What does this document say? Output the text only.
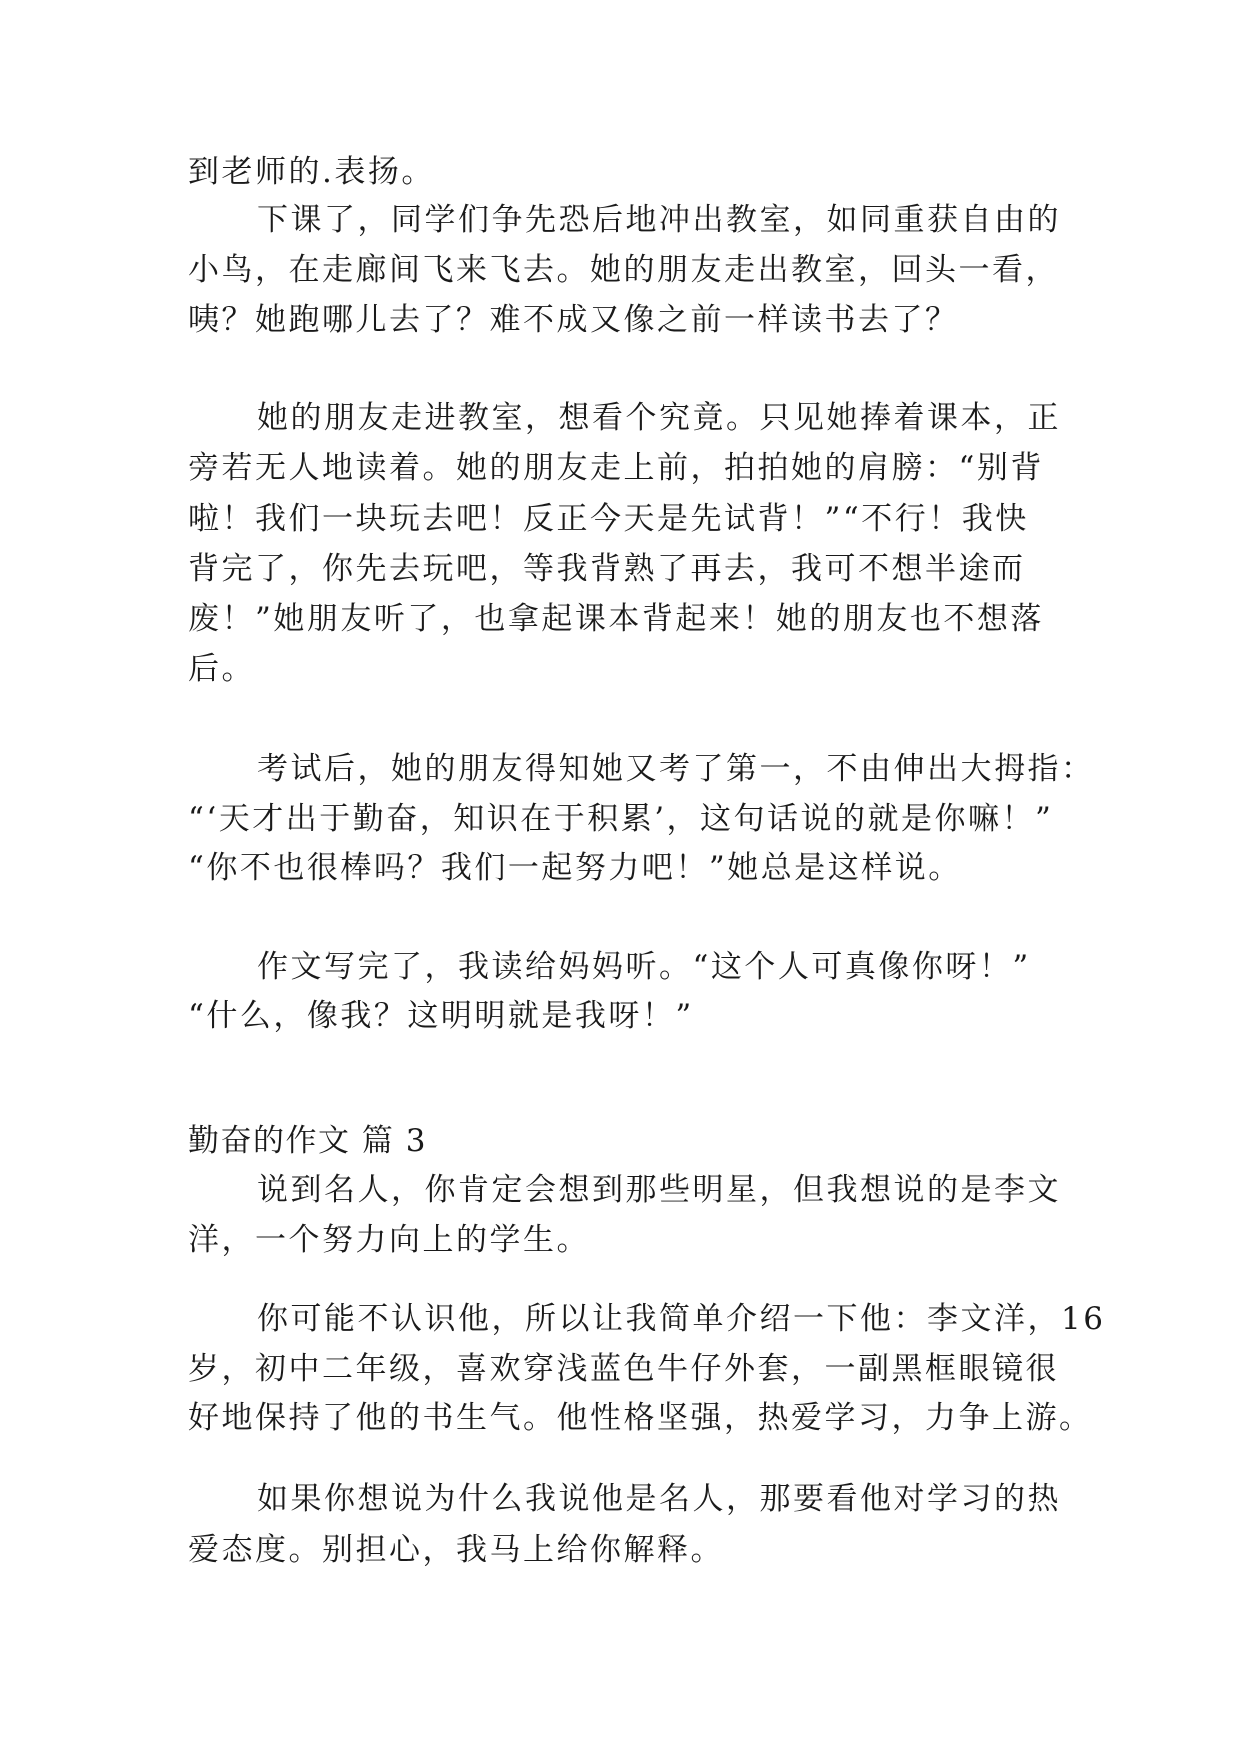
到老师的.表扬。
下课了，同学们争先恐后地冲出教室，如同重获自由的
小鸟，在走廊间飞来飞去。她的朋友走出教室，回头一看，
咦？她跑哪儿去了？难不成又像之前一样读书去了？
她的朋友走进教室，想看个究竟。只见她捧着课本，正
旁若无人地读着。她的朋友走上前，拍拍她的肩膀：“别背
啦！我们一块玩去吧！反正今天是先试背！”“不行！我快
背完了，你先去玩吧，等我背熟了再去，我可不想半途而
废！”她朋友听了，也拿起课本背起来！她的朋友也不想落
后。
考试后，她的朋友得知她又考了第一，不由伸出大拇指：
“‘天才出于勤奋，知识在于积累’，这句话说的就是你嘛！”
“你不也很棒吗？我们一起努力吧！”她总是这样说。
作文写完了，我读给妈妈听。“这个人可真像你呀！”
“什么，像我？这明明就是我呀！”
勤奋的作文 篇 3
说到名人，你肯定会想到那些明星，但我想说的是李文
洋，一个努力向上的学生。
你可能不认识他，所以让我简单介绍一下他：李文洋，16
岁，初中二年级，喜欢穿浅蓝色牛仔外套，一副黑框眼镜很
好地保持了他的书生气。他性格坚强，热爱学习，力争上游。
如果你想说为什么我说他是名人，那要看他对学习的热
爱态度。别担心，我马上给你解释。
